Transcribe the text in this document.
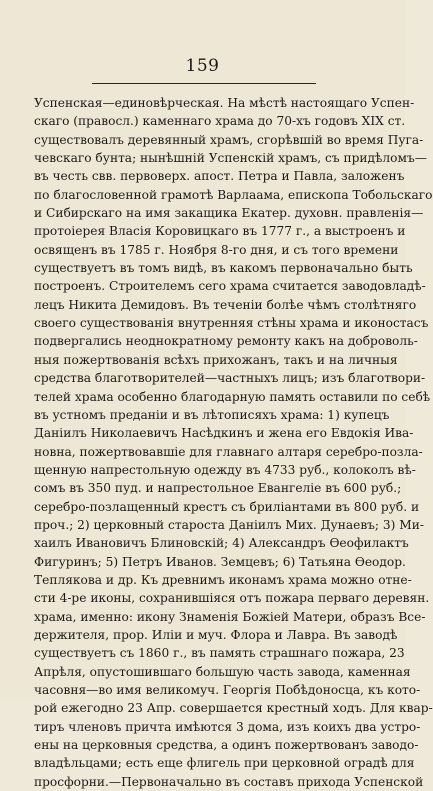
159
Успенская—единовѣрческая. На мѣстѣ настоящаго Успен-
скаго (правосл.) каменнаго храма до 70-хъ годовъ XIX ст.
существовалъ деревянный храмъ, сгорѣвшій во время Пуга-
чевскаго бунта; нынѣшній Успенскій храмъ, съ придѣломъ—
въ честь свв. первоверх. апост. Петра и Павла, заложенъ
по благословенной грамотѣ Варлаама, епископа Тобольскаго
и Сибирскаго на имя закащика Екатер. духовн. правленія—
протоіерея Власія Коровицкаго въ 1777 г., а выстроенъ и
освященъ въ 1785 г. Ноября 8-го дня, и съ того времени
существуетъ въ томъ видѣ, въ какомъ первоначально быть
построенъ. Строителемъ сего храма считается заводовладѣ-
лецъ Никита Демидовъ. Въ теченіи болѣе чѣмъ столѣтняго
своего существованія внутренняя стѣны храма и иконостасъ
подвергались неоднократному ремонту какъ на доброволь-
ныя пожертвованія всѣхъ прихожанъ, такъ и на личныя
средства благотворителей—частныхъ лицъ; изъ благотвори-
телей храма особенно благодарную память оставили по себѣ
въ устномъ преданіи и въ лѣтописяхъ храма: 1) купецъ
Даніилъ Николаевичъ Насѣдкинъ и жена его Евдокія Ива-
новна, пожертвовавшіе для главнаго алтаря серебро-позла-
щенную напрестольную одежду въ 4733 руб., колоколъ вѣ-
сомъ въ 350 пуд. и напрестольное Евангеліе въ 600 руб.;
серебро-позлащенный крестъ съ бриліантами въ 800 руб. и
проч.; 2) церковный староста Даніилъ Мих. Дунаевъ; 3) Ми-
хаилъ Ивановичъ Блиновскій; 4) Александръ Ѳеофилактъ
Фигуринъ; 5) Петръ Иванов. Земцевъ; 6) Татьяна Ѳеодор.
Теплякова и др. Къ древнимъ иконамъ храма можно отне-
сти 4-ре иконы, сохранившіяся отъ пожара перваго деревян.
храма, именно: икону Знаменія Божіей Матери, образъ Все-
держителя, прор. Иліи и муч. Флора и Лавра. Въ заводѣ
существуетъ съ 1860 г., въ память страшнаго пожара, 23
Апрѣля, опустошившаго большую часть завода, каменная
часовня—во имя великомуч. Георгія Побѣдоносца, къ кото-
рой ежегодно 23 Апр. совершается крестный ходъ. Для квар-
тиръ членовъ причта имѣются 3 дома, изъ коихъ два устро-
ены на церковныя средства, а одинъ пожертвованъ заводо-
владѣльцами; есть еще флигель при церковной оградѣ для
просфорни.—Первоначально въ составъ прихода Успенской
